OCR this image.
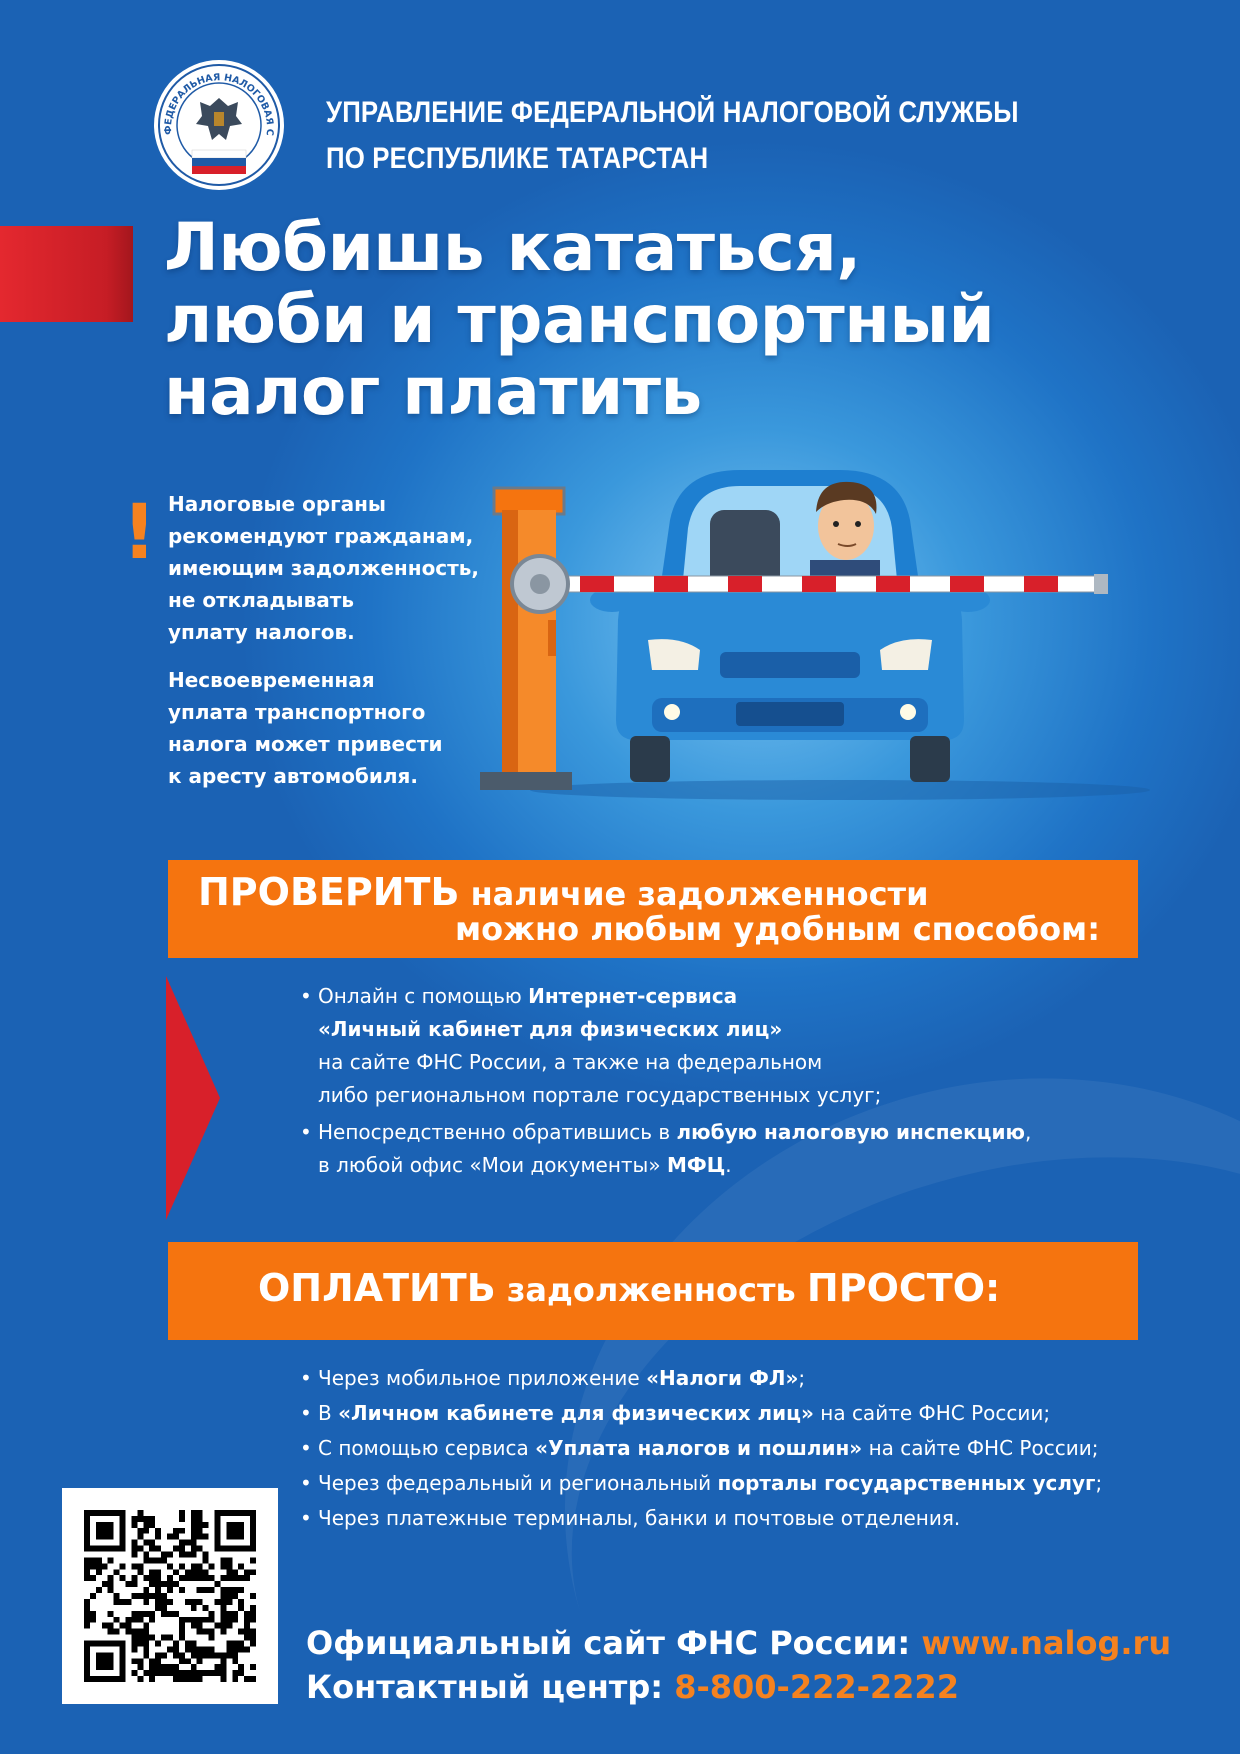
ФЕДЕРАЛЬНАЯ НАЛОГОВАЯ С
УПРАВЛЕНИЕ ФЕДЕРАЛЬНОЙ НАЛОГОВОЙ СЛУЖБЫ
ПО РЕСПУБЛИКЕ ТАТАРСТАН
Любишь кататься,
люби и транспортный
налог платить
! Налоговые органы
рекомендуют гражданам,
имеющим задолженность,
не откладывать
уплату налогов.

Несвоевременная
уплата транспортного
налога может привести
к аресту автомобиля.

ПРОВЕРИТЬ наличие задолженности
можно любым удобным способом:
• Онлайн с помощью Интернет-сервиса
«Личный кабинет для физических лиц»
на сайте ФНС России, а также на федеральном
либо региональном портале государственных услуг;
• Непосредственно обратившись в любую налоговую инспекцию,
в любой офис «Мои документы» МФЦ.
ОПЛАТИТЬ задолженность ПРОСТО:
• Через мобильное приложение «Налоги ФЛ»;
• В «Личном кабинете для физических лиц» на сайте ФНС России;
• С помощью сервиса «Уплата налогов и пошлин» на сайте ФНС России;
• Через федеральный и региональный порталы государственных услуг;
• Через платежные терминалы, банки и почтовые отделения.
Официальный сайт ФНС России: www.nalog.ru
Контактный центр: 8-800-222-2222
